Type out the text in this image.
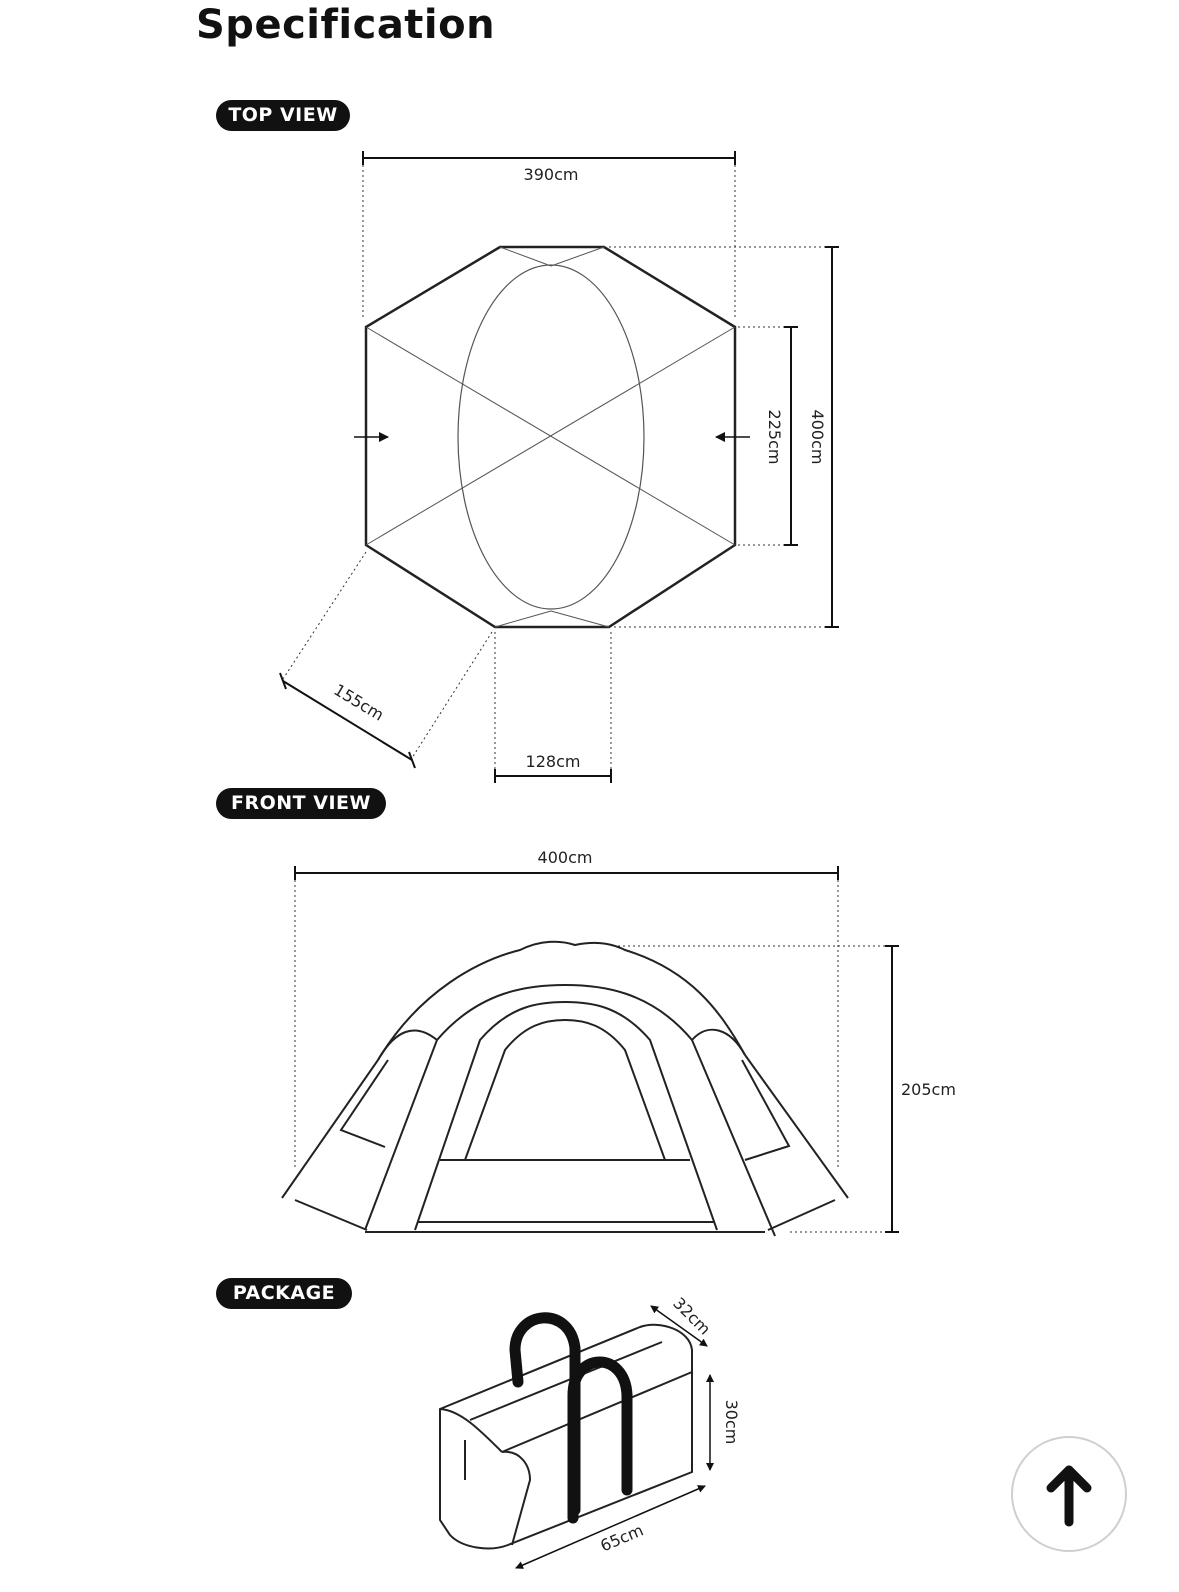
Specification
TOP VIEW
FRONT VIEW
PACKAGE
390cm
400cm
225cm
155cm
128cm
400cm
205cm
32cm
30cm
65cm
